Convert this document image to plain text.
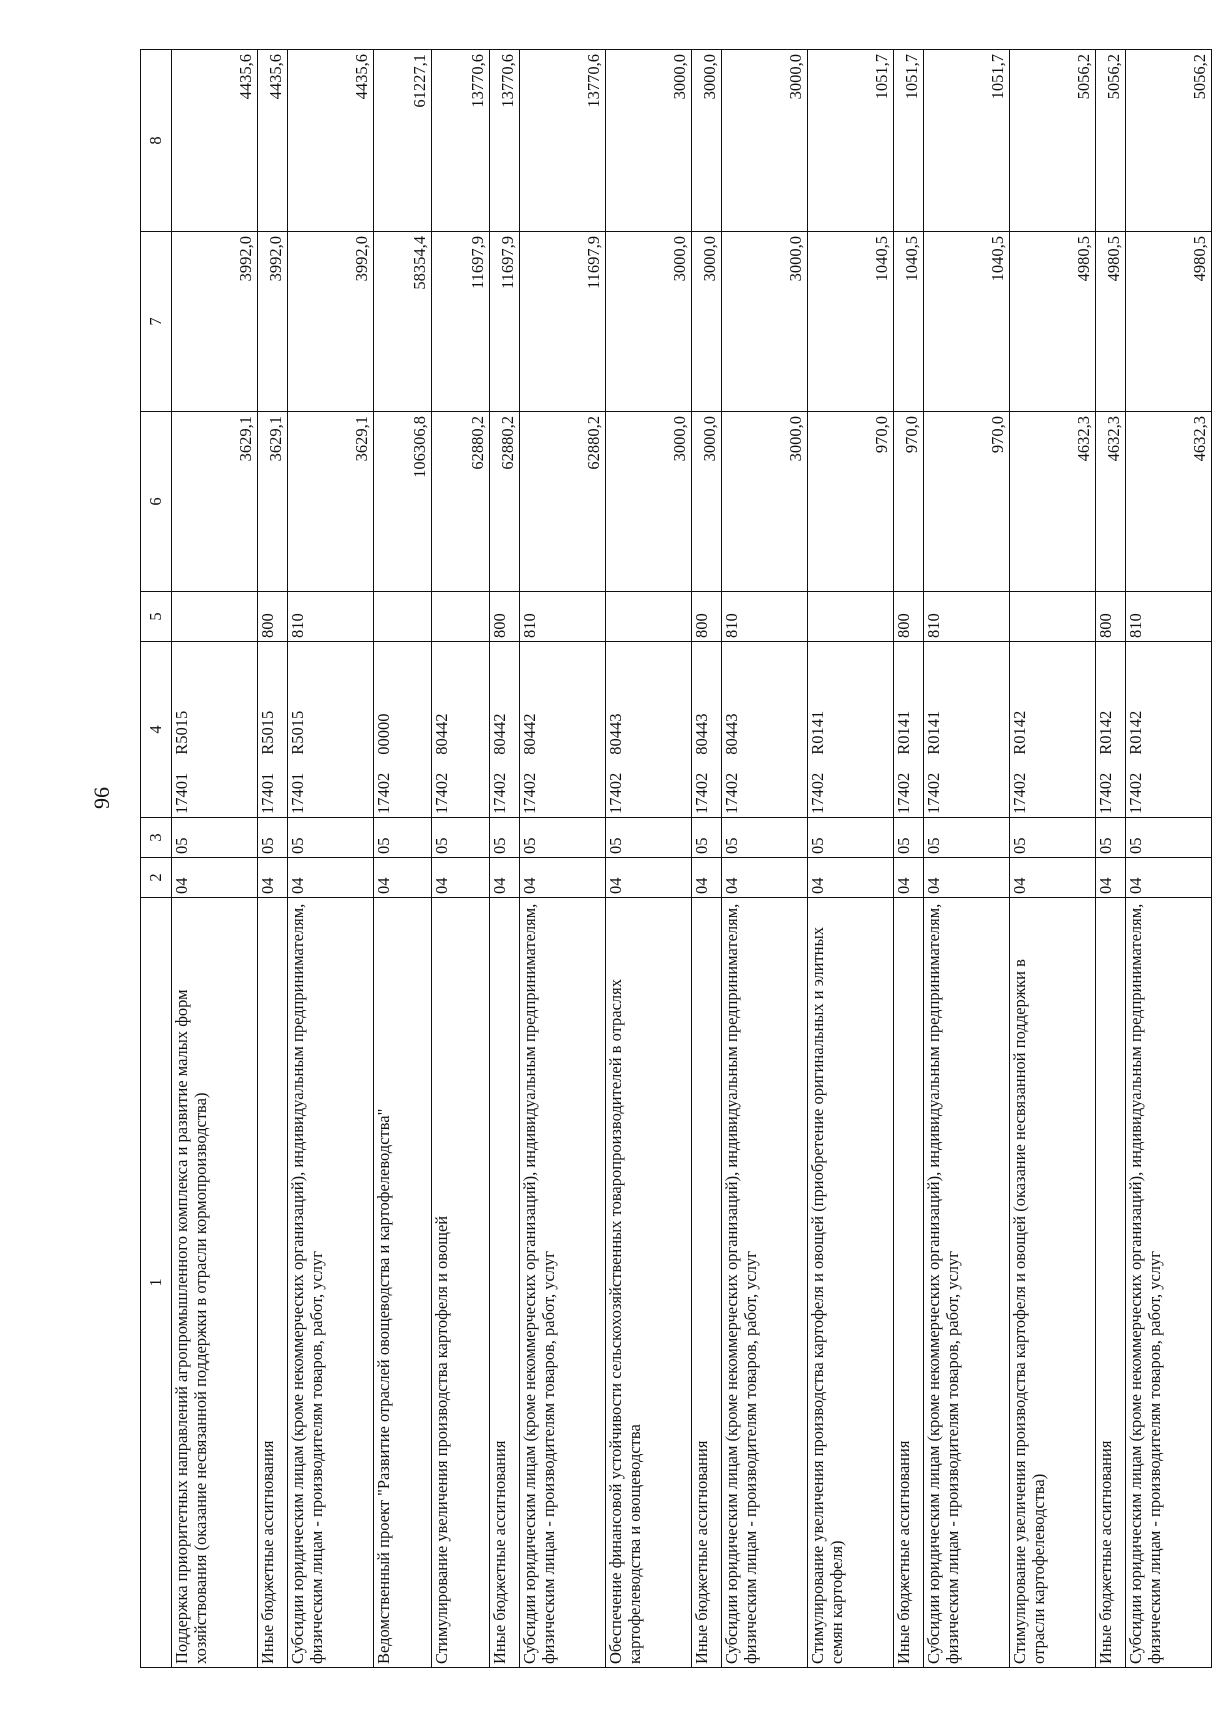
96
1	2	3	4	5	6	7	8
Поддержка приоритетных направлений агропромышленного комплекса и развитие малых форм хозяйствования (оказание несвязанной поддержки в отрасли кормопроизводства)	04	05	17401R5015		3629,1	3992,0	4435,6
Иные бюджетные ассигнования	04	05	17401R5015	800	3629,1	3992,0	4435,6
Субсидии юридическим лицам (кроме некоммерческих организаций), индивидуальным предпринимателям, физическим лицам - производителям товаров, работ, услуг	04	05	17401R5015	810	3629,1	3992,0	4435,6
Ведомственный проект "Развитие отраслей овощеводства и картофелеводства"	04	05	1740200000		106306,8	58354,4	61227,1
Стимулирование увеличения производства картофеля и овощей	04	05	1740280442		62880,2	11697,9	13770,6
Иные бюджетные ассигнования	04	05	1740280442	800	62880,2	11697,9	13770,6
Субсидии юридическим лицам (кроме некоммерческих организаций), индивидуальным предпринимателям, физическим лицам - производителям товаров, работ, услуг	04	05	1740280442	810	62880,2	11697,9	13770,6
Обеспечение финансовой устойчивости сельскохозяйственных товаропроизводителей в отраслях картофелеводства и овощеводства	04	05	1740280443		3000,0	3000,0	3000,0
Иные бюджетные ассигнования	04	05	1740280443	800	3000,0	3000,0	3000,0
Субсидии юридическим лицам (кроме некоммерческих организаций), индивидуальным предпринимателям, физическим лицам - производителям товаров, работ, услуг	04	05	1740280443	810	3000,0	3000,0	3000,0
Стимулирование увеличения производства картофеля и овощей (приобретение оригинальных и элитных семян картофеля)	04	05	17402R0141		970,0	1040,5	1051,7
Иные бюджетные ассигнования	04	05	17402R0141	800	970,0	1040,5	1051,7
Субсидии юридическим лицам (кроме некоммерческих организаций), индивидуальным предпринимателям, физическим лицам - производителям товаров, работ, услуг	04	05	17402R0141	810	970,0	1040,5	1051,7
Стимулирование увеличения производства картофеля и овощей (оказание несвязанной поддержки в отрасли картофелеводства)	04	05	17402R0142		4632,3	4980,5	5056,2
Иные бюджетные ассигнования	04	05	17402R0142	800	4632,3	4980,5	5056,2
Субсидии юридическим лицам (кроме некоммерческих организаций), индивидуальным предпринимателям, физическим лицам - производителям товаров, работ, услуг	04	05	17402R0142	810	4632,3	4980,5	5056,2
